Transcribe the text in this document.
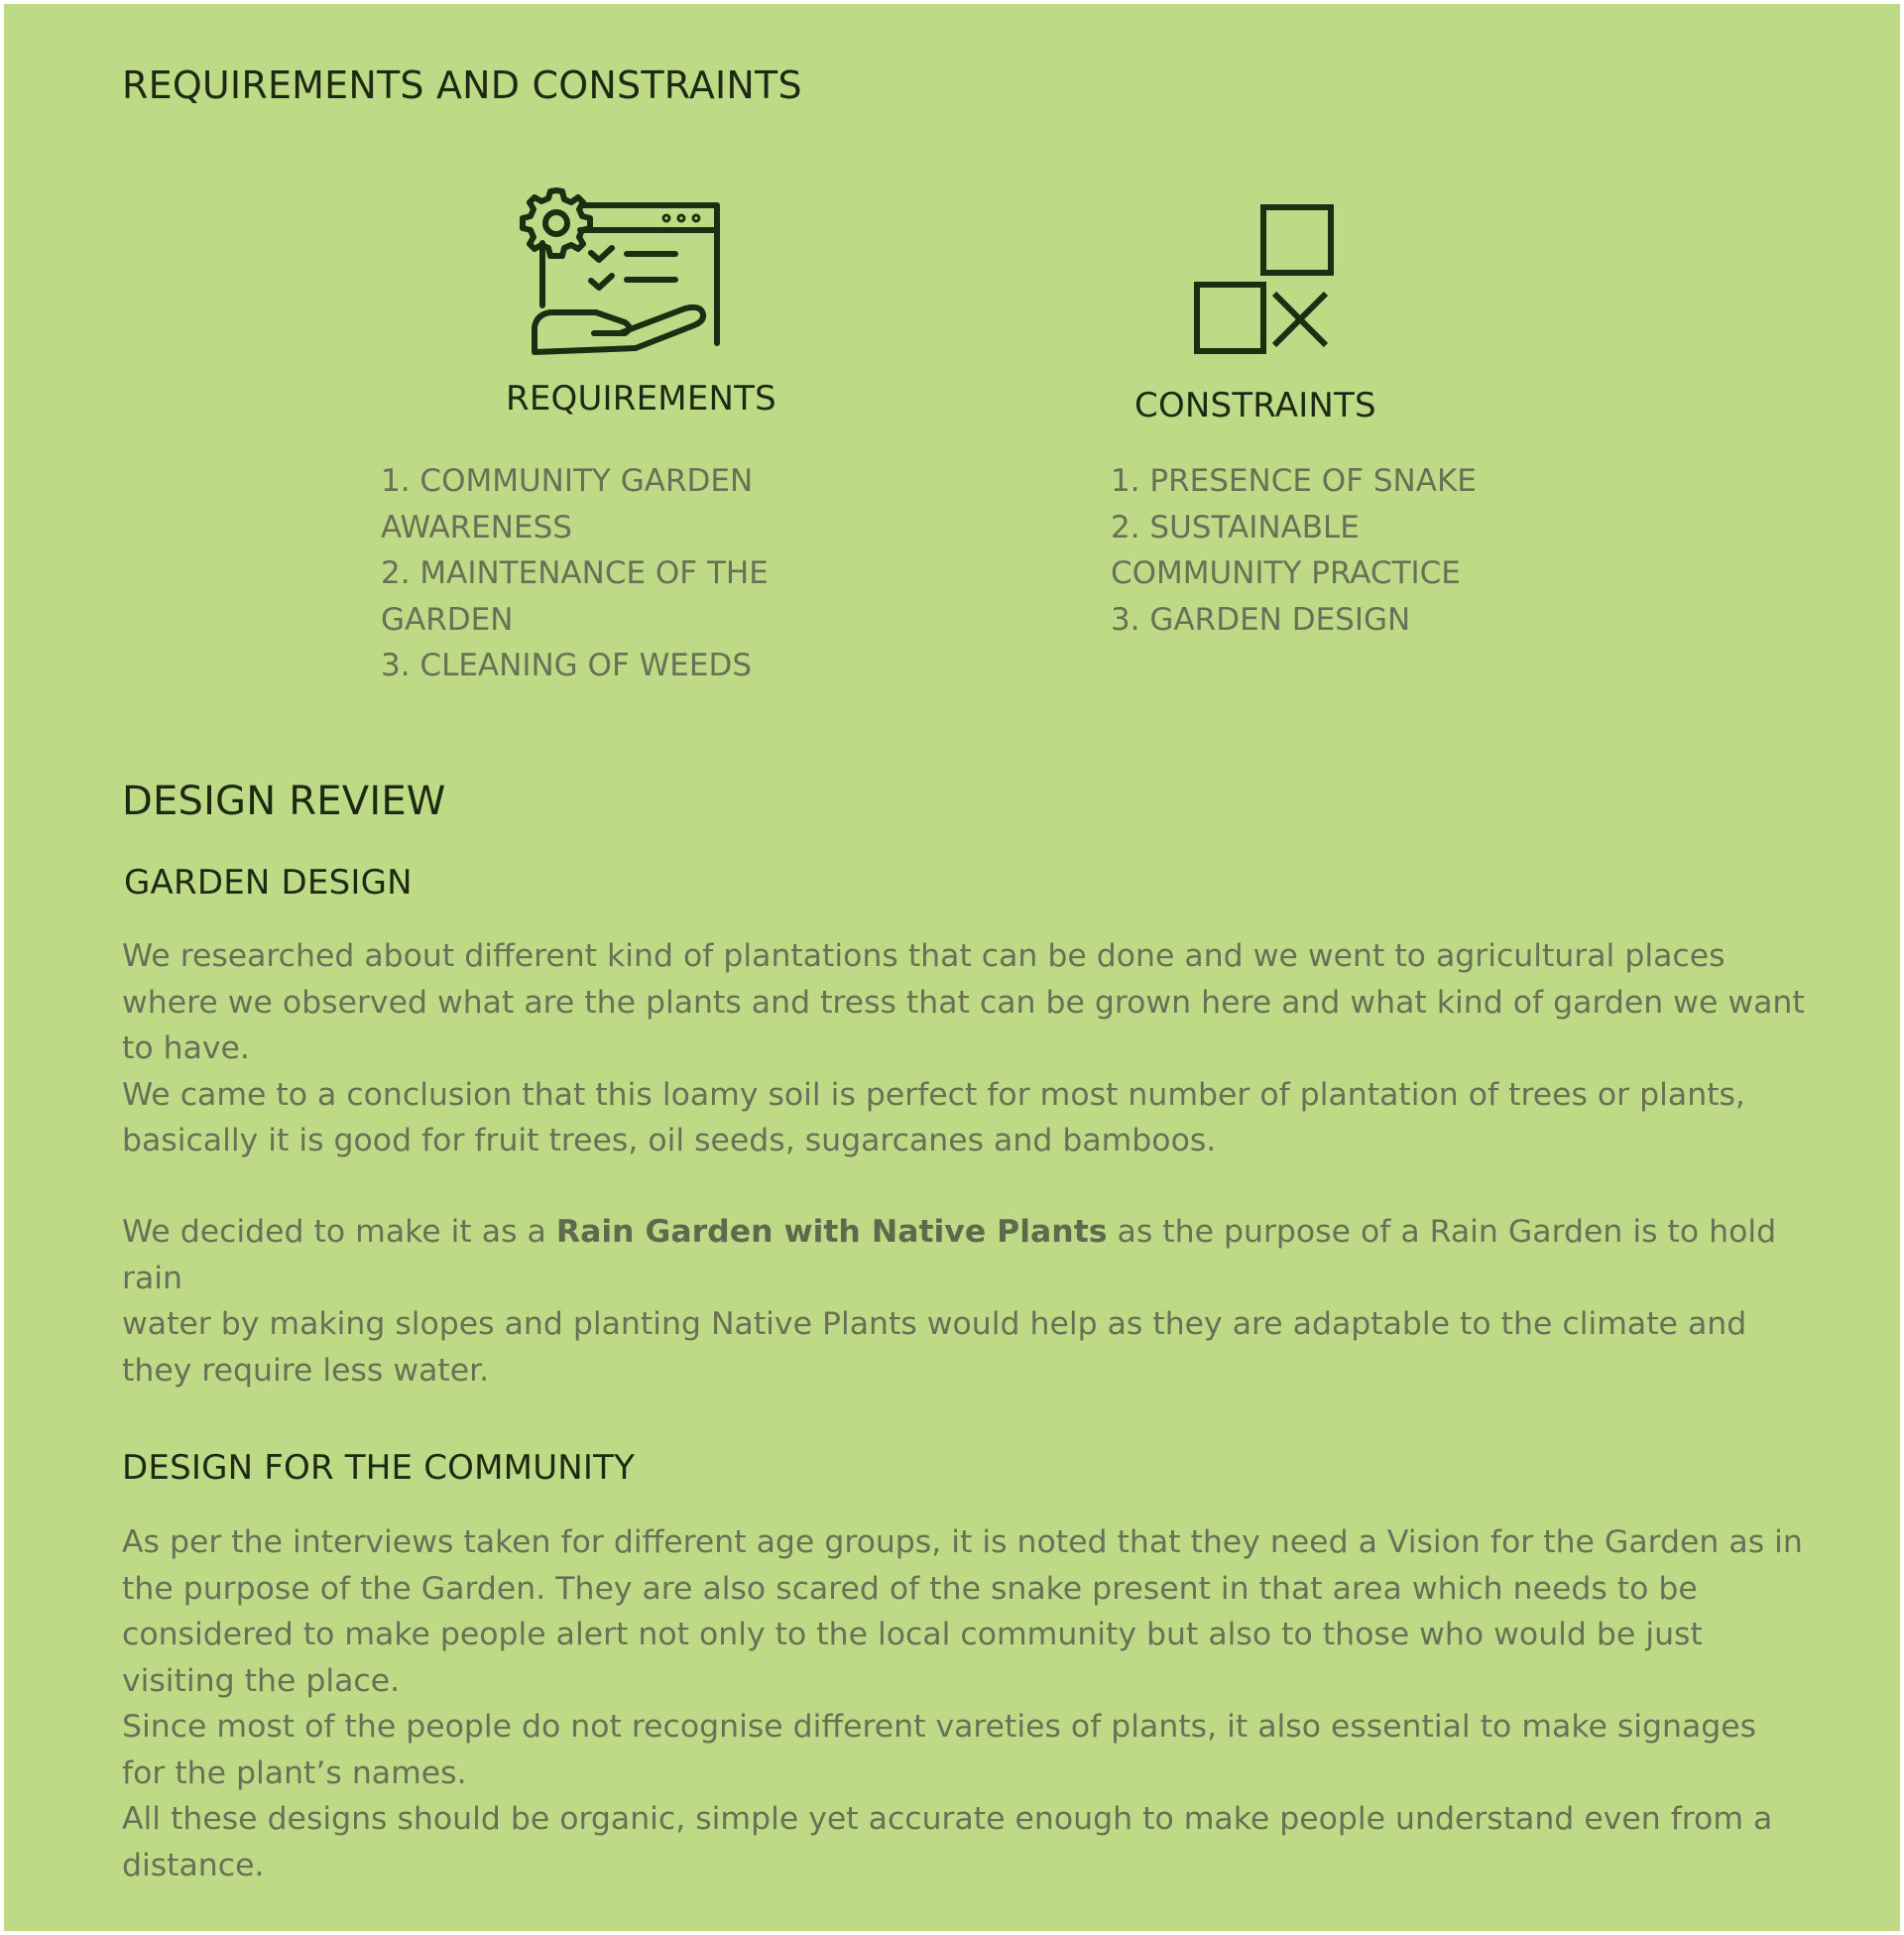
REQUIREMENTS AND CONSTRAINTS
REQUIREMENTS
1. COMMUNITY GARDEN
AWARENESS
2. MAINTENANCE OF THE
GARDEN
3. CLEANING OF WEEDS
CONSTRAINTS
1. PRESENCE OF SNAKE
2. SUSTAINABLE
COMMUNITY PRACTICE
3. GARDEN DESIGN
DESIGN REVIEW
GARDEN DESIGN
We researched about different kind of plantations that can be done and we went to agricultural places
where we observed what are the plants and tress that can be grown here and what kind of garden we want
to have.
We came to a conclusion that this loamy soil is perfect for most number of plantation of trees or plants,
basically it is good for fruit trees, oil seeds, sugarcanes and bamboos.
We decided to make it as a Rain Garden with Native Plants as the purpose of a Rain Garden is to hold rain
water by making slopes and planting Native Plants would help as they are adaptable to the climate and
they require less water.
DESIGN FOR THE COMMUNITY
As per the interviews taken for different age groups, it is noted that they need a Vision for the Garden as in
the purpose of the Garden. They are also scared of the snake present in that area which needs to be
considered to make people alert not only to the local community but also to those who would be just
visiting the place.
Since most of the people do not recognise different vareties of plants, it also essential to make signages
for the plant’s names.
All these designs should be organic, simple yet accurate enough to make people understand even from a
distance.
